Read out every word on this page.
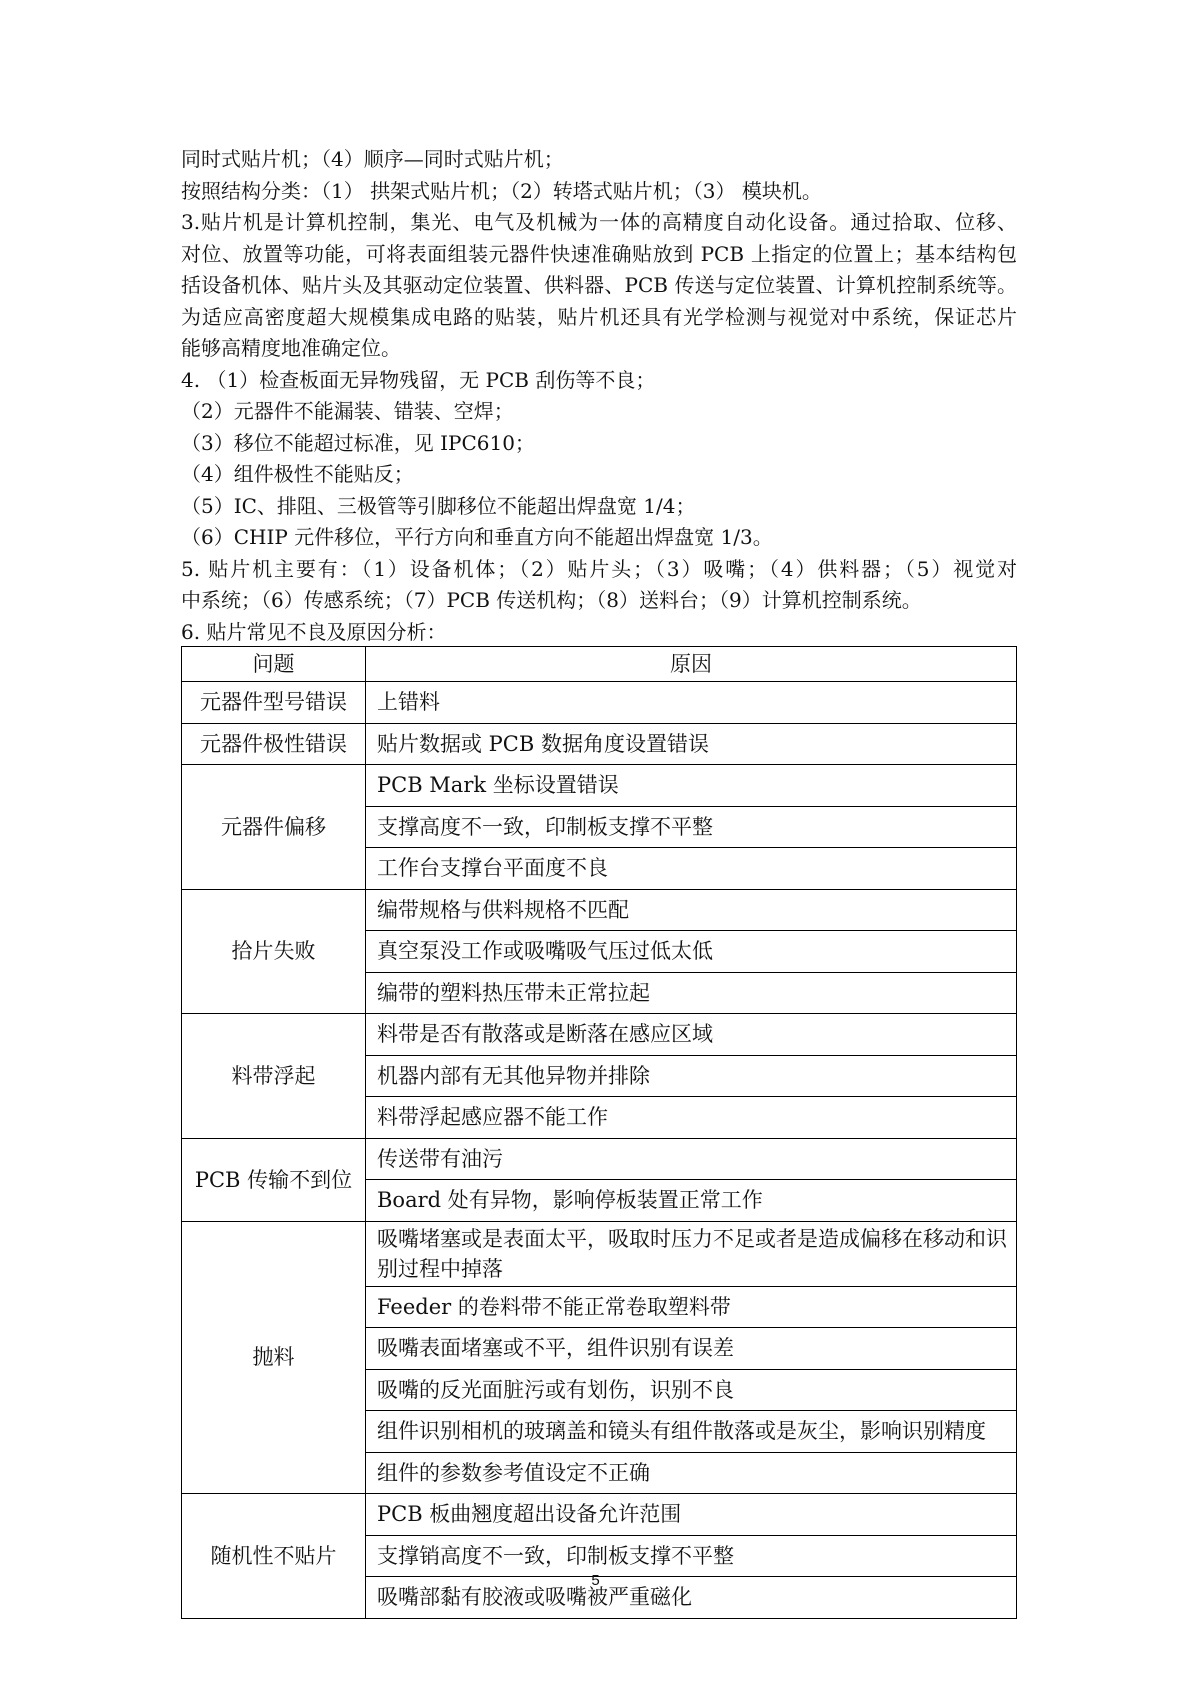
同时式贴片机；（4）顺序—同时式贴片机；
按照结构分类：（1） 拱架式贴片机；（2）转塔式贴片机；（3） 模块机。
3.贴片机是计算机控制，集光、电气及机械为一体的高精度自动化设备。通过拾取、位移、
对位、放置等功能，可将表面组装元器件快速准确贴放到 PCB 上指定的位置上；基本结构包
括设备机体、贴片头及其驱动定位装置、供料器、PCB 传送与定位装置、计算机控制系统等。
为适应高密度超大规模集成电路的贴装，贴片机还具有光学检测与视觉对中系统，保证芯片
能够高精度地准确定位。
4. （1）检查板面无异物残留，无 PCB 刮伤等不良；
（2）元器件不能漏装、错装、空焊；
（3）移位不能超过标准，见 IPC610；
（4）组件极性不能贴反；
（5）IC、排阻、三极管等引脚移位不能超出焊盘宽 1/4；
（6）CHIP 元件移位，平行方向和垂直方向不能超出焊盘宽 1/3。
5. 贴片机主要有：（1）设备机体；（2）贴片头；（3）吸嘴；（4）供料器；（5）视觉对
中系统；（6）传感系统；（7）PCB 传送机构；（8）送料台；（9）计算机控制系统。
6. 贴片常见不良及原因分析：
问题	原因
元器件型号错误	上错料
元器件极性错误	贴片数据或 PCB 数据角度设置错误
元器件偏移	PCB Mark 坐标设置错误
	支撑高度不一致，印制板支撑不平整
	工作台支撑台平面度不良
拾片失败	编带规格与供料规格不匹配
	真空泵没工作或吸嘴吸气压过低太低
	编带的塑料热压带未正常拉起
料带浮起	料带是否有散落或是断落在感应区域
	机器内部有无其他异物并排除
	料带浮起感应器不能工作
PCB 传输不到位	传送带有油污
	Board 处有异物，影响停板装置正常工作
抛料	吸嘴堵塞或是表面太平，吸取时压力不足或者是造成偏移在移动和识别过程中掉落
	Feeder 的卷料带不能正常卷取塑料带
	吸嘴表面堵塞或不平，组件识别有误差
	吸嘴的反光面脏污或有划伤，识别不良
	组件识别相机的玻璃盖和镜头有组件散落或是灰尘，影响识别精度
	组件的参数参考值设定不正确
随机性不贴片	PCB 板曲翘度超出设备允许范围
	支撑销高度不一致，印制板支撑不平整
	吸嘴部黏有胶液或吸嘴被严重磁化
5
